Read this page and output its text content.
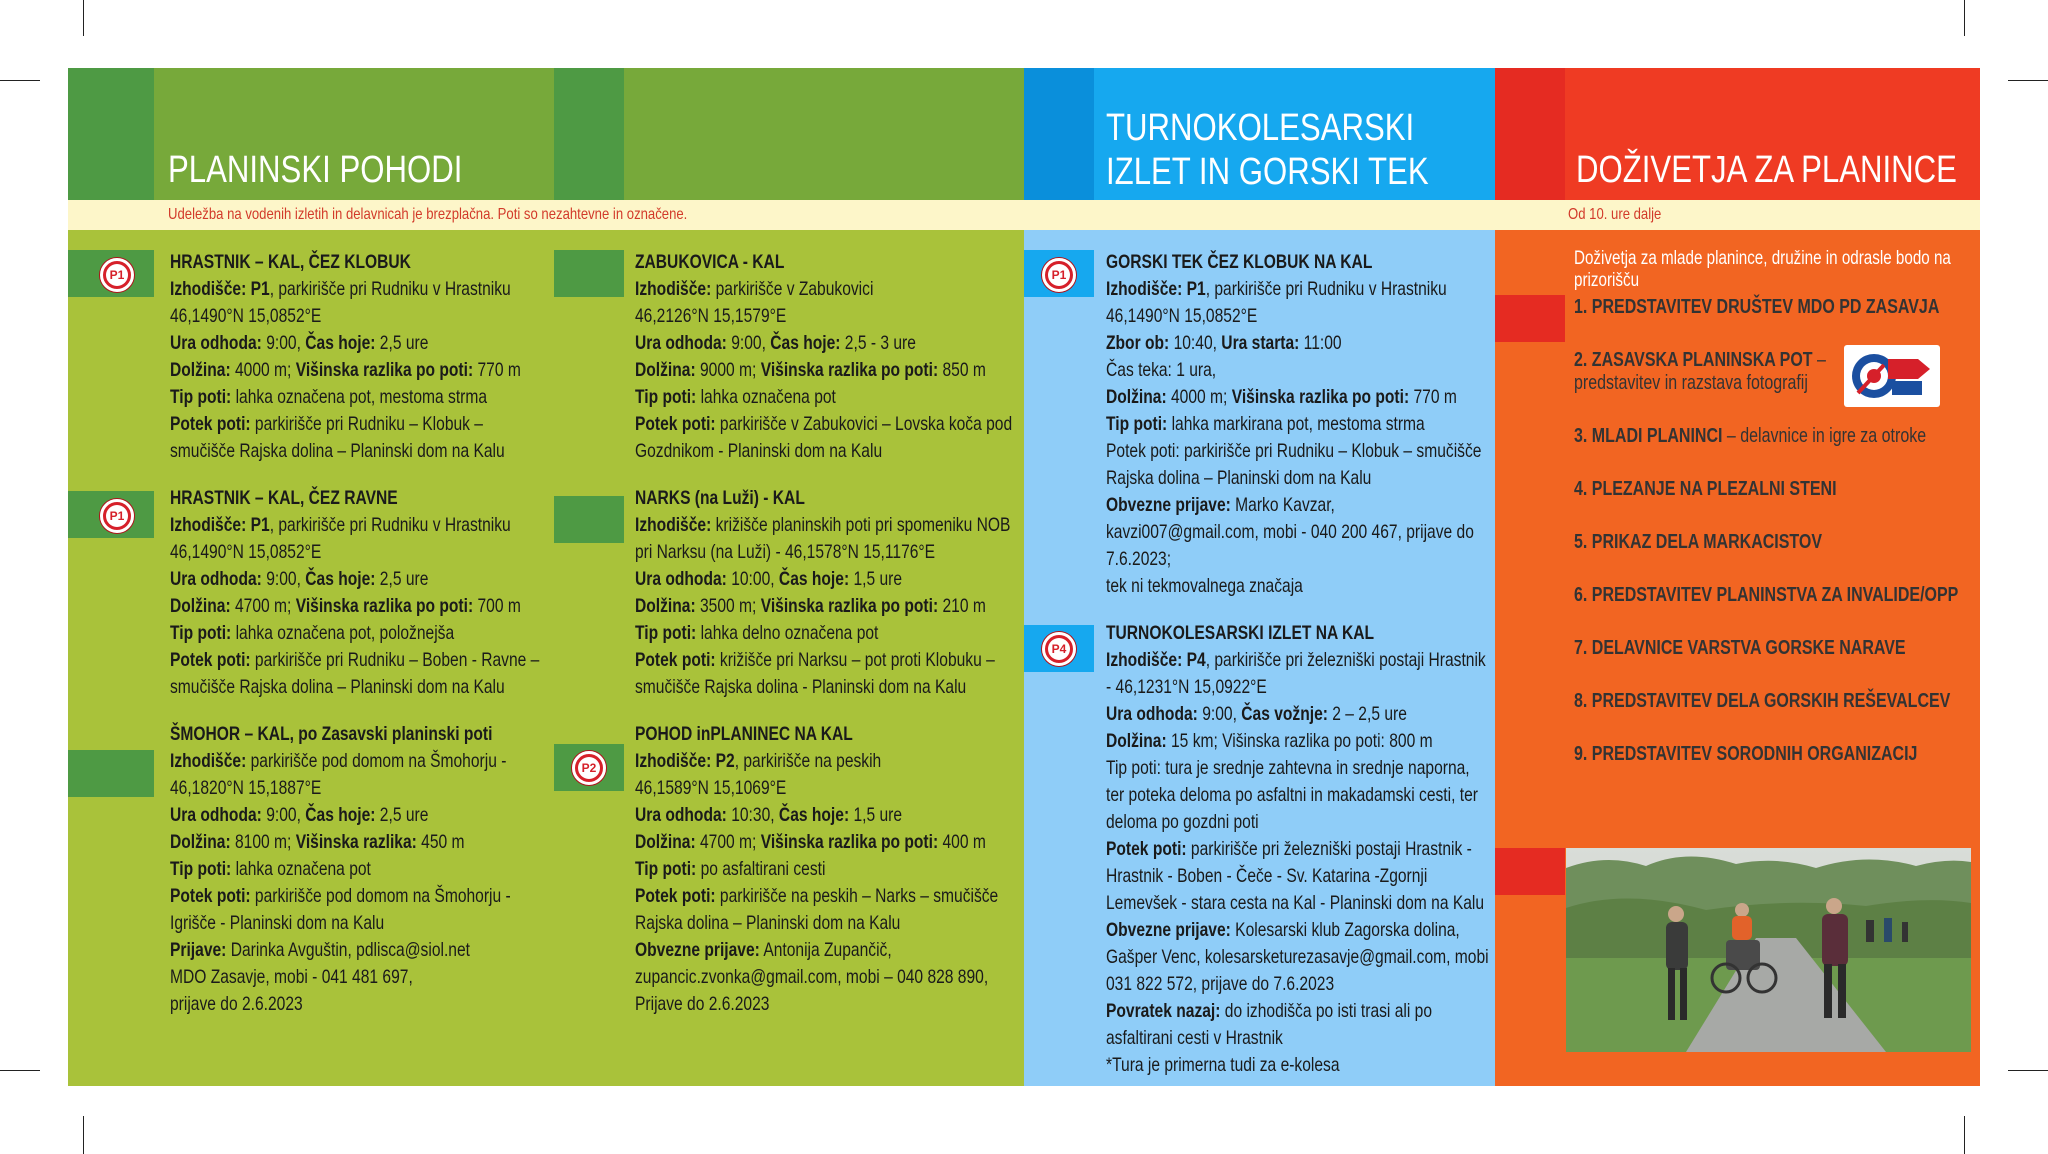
PLANINSKI POHODI
Udeležba na vodenih izletih in delavnicah je brezplačna. Poti so nezahtevne in označene.
P1
P1
P2
HRASTNIK – KAL, ČEZ KLOBUK
Izhodišče: P1, parkirišče pri Rudniku v Hrastniku
46,1490°N 15,0852°E
Ura odhoda: 9:00, Čas hoje: 2,5 ure
Dolžina: 4000 m; Višinska razlika po poti: 770 m
Tip poti: lahka označena pot, mestoma strma
Potek poti: parkirišče pri Rudniku – Klobuk – smučišče Rajska dolina – Planinski dom na Kalu
HRASTNIK – KAL, ČEZ RAVNE
Izhodišče: P1, parkirišče pri Rudniku v Hrastniku
46,1490°N 15,0852°E
Ura odhoda: 9:00, Čas hoje: 2,5 ure
Dolžina: 4700 m; Višinska razlika po poti: 700 m
Tip poti: lahka označena pot, položnejša
Potek poti: parkirišče pri Rudniku – Boben - Ravne – smučišče Rajska dolina – Planinski dom na Kalu
ŠMOHOR – KAL, po Zasavski planinski poti
Izhodišče: parkirišče pod domom na Šmohorju - 46,1820°N 15,1887°E
Ura odhoda: 9:00, Čas hoje: 2,5 ure
Dolžina: 8100 m; Višinska razlika: 450 m
Tip poti: lahka označena pot
Potek poti: parkirišče pod domom na Šmohorju - Igrišče - Planinski dom na Kalu
Prijave: Darinka Avguštin, pdlisca@siol.net
MDO Zasavje, mobi - 041 481 697,
prijave do 2.6.2023
ZABUKOVICA - KAL
Izhodišče: parkirišče v Zabukovici
46,2126°N 15,1579°E
Ura odhoda: 9:00, Čas hoje: 2,5 - 3 ure
Dolžina: 9000 m; Višinska razlika po poti: 850 m
Tip poti: lahka označena pot
Potek poti: parkirišče v Zabukovici – Lovska koča pod Gozdnikom - Planinski dom na Kalu
NARKS (na Luži) - KAL
Izhodišče: križišče planinskih poti pri spomeniku NOB pri Narksu (na Luži) - 46,1578°N 15,1176°E
Ura odhoda: 10:00, Čas hoje: 1,5 ure
Dolžina: 3500 m; Višinska razlika po poti: 210 m
Tip poti: lahka delno označena pot
Potek poti: križišče pri Narksu – pot proti Klobuku – smučišče Rajska dolina - Planinski dom na Kalu
POHOD inPLANINEC NA KAL
Izhodišče: P2, parkirišče na peskih
46,1589°N 15,1069°E
Ura odhoda: 10:30, Čas hoje: 1,5 ure
Dolžina: 4700 m; Višinska razlika po poti: 400 m
Tip poti: po asfaltirani cesti
Potek poti: parkirišče na peskih – Narks – smučišče Rajska dolina – Planinski dom na Kalu
Obvezne prijave: Antonija Zupančič, zupancic.zvonka@gmail.com, mobi – 040 828 890, Prijave do 2.6.2023
TURNOKOLESARSKI
IZLET IN GORSKI TEK
P1
P4
GORSKI TEK ČEZ KLOBUK NA KAL
Izhodišče: P1, parkirišče pri Rudniku v Hrastniku
46,1490°N 15,0852°E
Zbor ob: 10:40, Ura starta: 11:00
Čas teka: 1 ura,
Dolžina: 4000 m; Višinska razlika po poti: 770 m
Tip poti: lahka markirana pot, mestoma strma
Potek poti: parkirišče pri Rudniku – Klobuk – smučišče Rajska dolina – Planinski dom na Kalu
Obvezne prijave: Marko Kavzar, kavzi007@gmail.com, mobi - 040 200 467, prijave do 7.6.2023;
tek ni tekmovalnega značaja
TURNOKOLESARSKI IZLET NA KAL
Izhodišče: P4, parkirišče pri železniški postaji Hrastnik - 46,1231°N 15,0922°E
Ura odhoda: 9:00, Čas vožnje: 2 – 2,5 ure
Dolžina: 15 km; Višinska razlika po poti: 800 m
Tip poti: tura je srednje zahtevna in srednje naporna, ter poteka deloma po asfaltni in makadamski cesti, ter deloma po gozdni poti
Potek poti: parkirišče pri železniški postaji Hrastnik - Hrastnik - Boben - Čeče - Sv. Katarina -Zgornji Lemevšek - stara cesta na Kal - Planinski dom na Kalu
Obvezne prijave: Kolesarski klub Zagorska dolina, Gašper Venc, kolesarsketurezasavje@gmail.com, mobi 031 822 572, prijave do 7.6.2023
Povratek nazaj: do izhodišča po isti trasi ali po asfaltirani cesti v Hrastnik
*Tura je primerna tudi za e-kolesa
DOŽIVETJA ZA PLANINCE
Od 10. ure dalje
Doživetja za mlade planince, družine in odrasle bodo na prizorišču
1. PREDSTAVITEV DRUŠTEV MDO PD ZASAVJA
2. ZASAVSKA PLANINSKA POT – predstavitev in razstava fotografij
3. MLADI PLANINCI – delavnice in igre za otroke
4. PLEZANJE NA PLEZALNI STENI
5. PRIKAZ DELA MARKACISTOV
6. PREDSTAVITEV PLANINSTVA ZA INVALIDE/OPP
7. DELAVNICE VARSTVA GORSKE NARAVE
8. PREDSTAVITEV DELA GORSKIH REŠEVALCEV
9. PREDSTAVITEV SORODNIH ORGANIZACIJ
